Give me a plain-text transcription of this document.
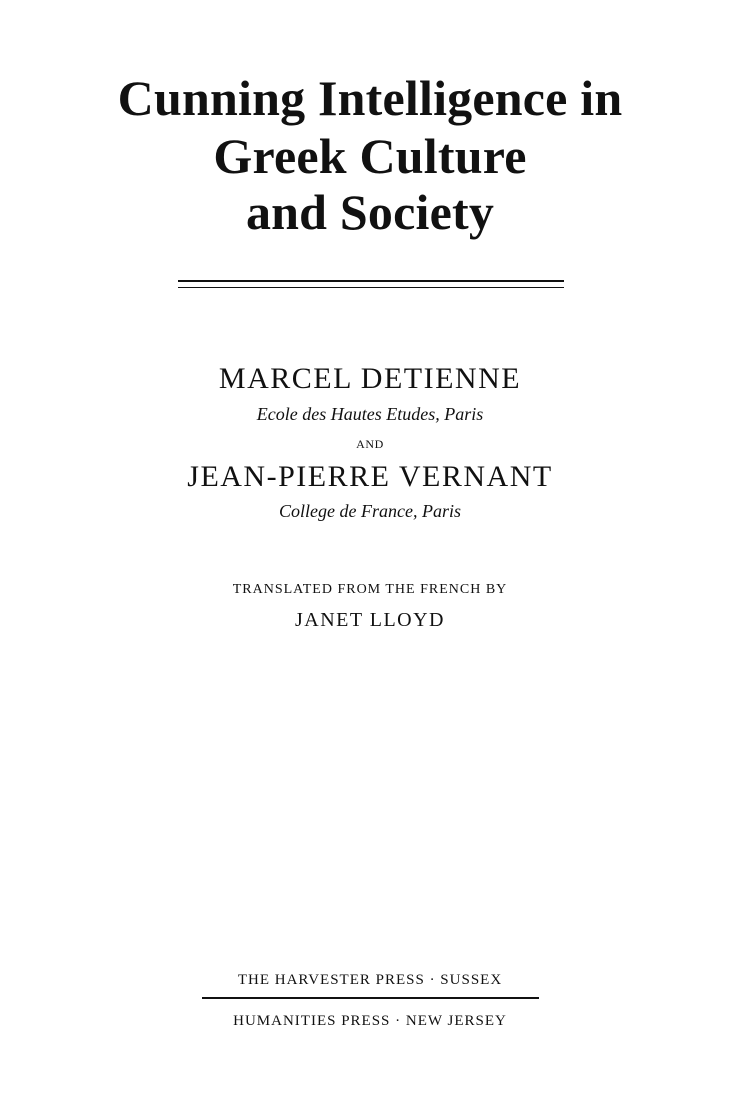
Cunning Intelligence in
Greek Culture
and Society

MARCEL DETIENNE

Ecole des Hautes Etudes, Paris

AND

JEAN-PIERRE VERNANT

College de France, Paris

TRANSLATED FROM THE FRENCH BY

JANET LLOYD

THE HARVESTER PRESS · SUSSEX

HUMANITIES PRESS · NEW JERSEY
